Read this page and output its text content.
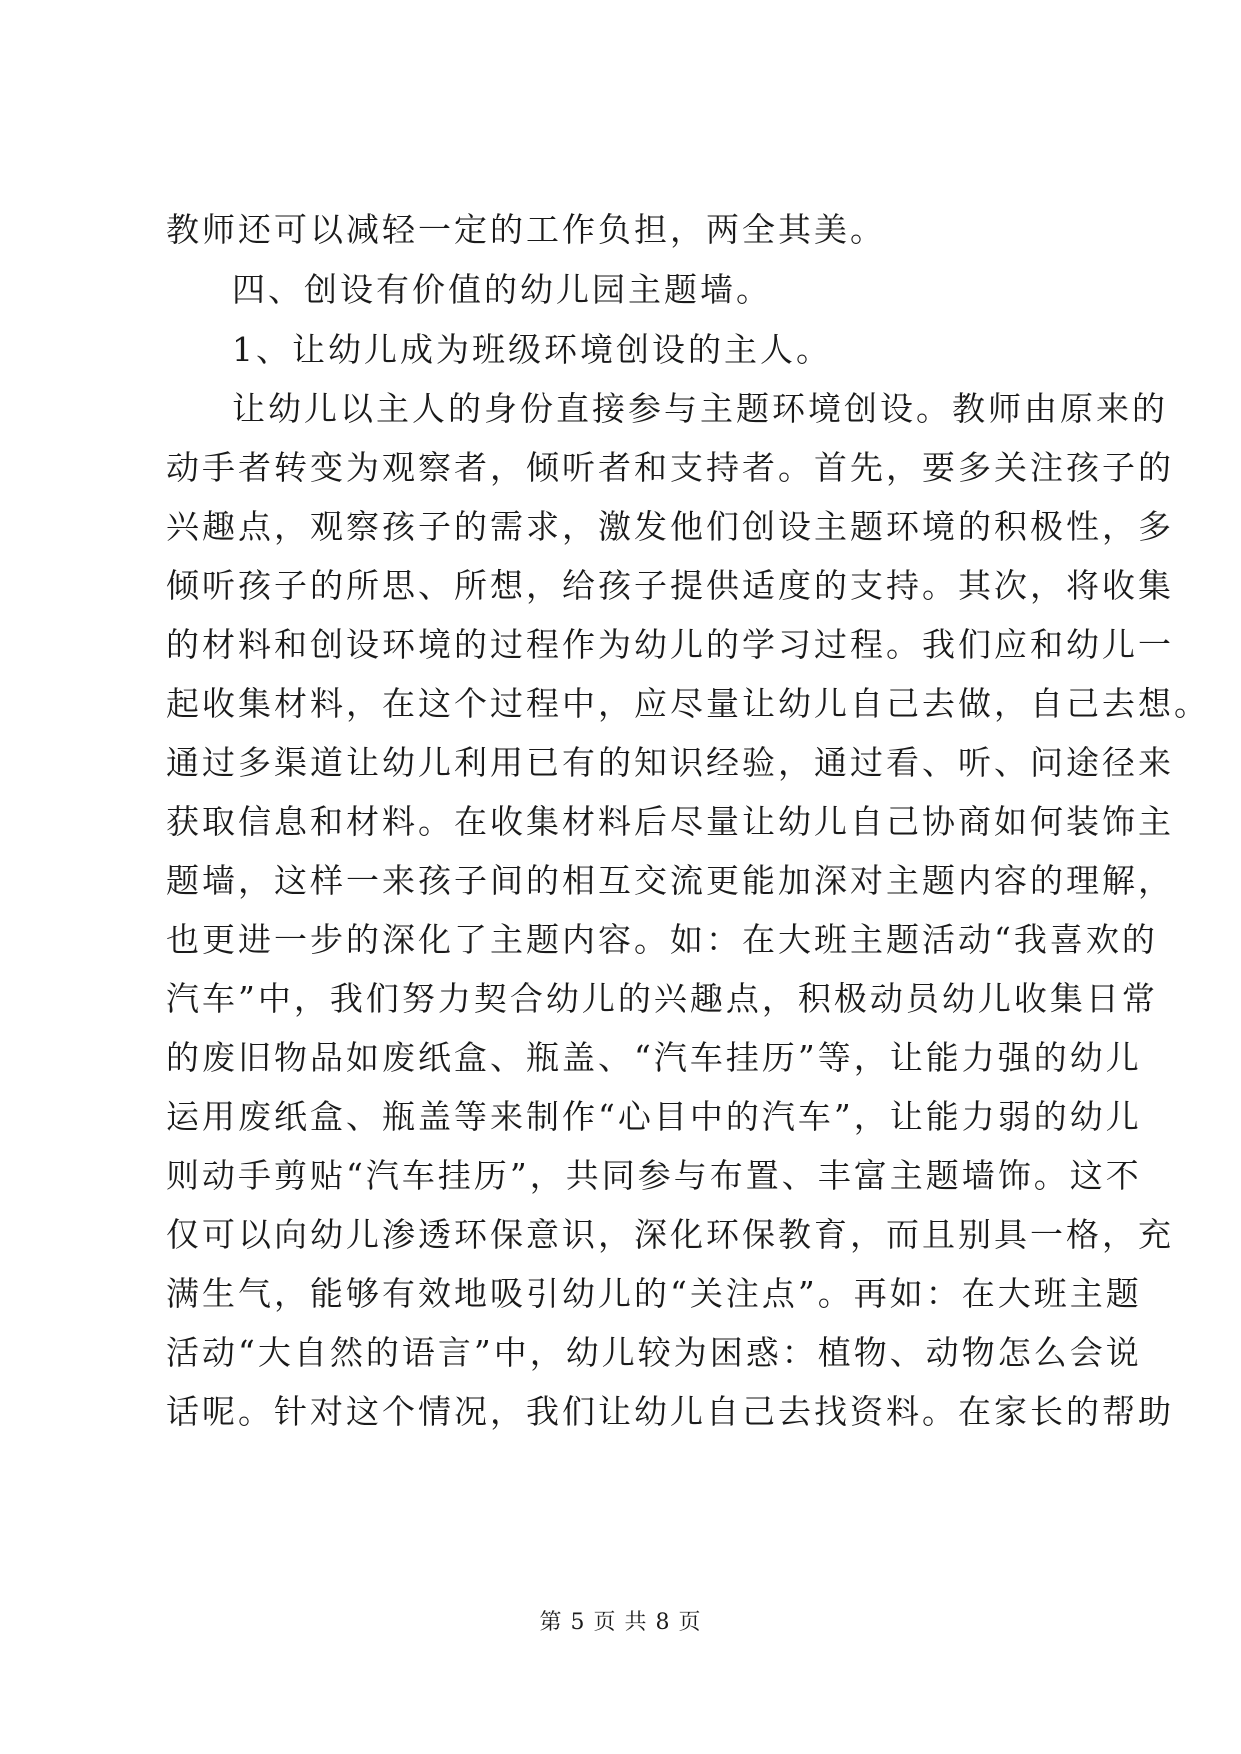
教师还可以减轻一定的工作负担，两全其美。
四、创设有价值的幼儿园主题墙。
1、让幼儿成为班级环境创设的主人。
让幼儿以主人的身份直接参与主题环境创设。教师由原来的
动手者转变为观察者，倾听者和支持者。首先，要多关注孩子的
兴趣点，观察孩子的需求，激发他们创设主题环境的积极性，多
倾听孩子的所思、所想，给孩子提供适度的支持。其次，将收集
的材料和创设环境的过程作为幼儿的学习过程。我们应和幼儿一
起收集材料，在这个过程中，应尽量让幼儿自己去做，自己去想。
通过多渠道让幼儿利用已有的知识经验，通过看、听、问途径来
获取信息和材料。在收集材料后尽量让幼儿自己协商如何装饰主
题墙，这样一来孩子间的相互交流更能加深对主题内容的理解，
也更进一步的深化了主题内容。如：在大班主题活动“我喜欢的
汽车”中，我们努力契合幼儿的兴趣点，积极动员幼儿收集日常
的废旧物品如废纸盒、瓶盖、“汽车挂历”等，让能力强的幼儿
运用废纸盒、瓶盖等来制作“心目中的汽车”，让能力弱的幼儿
则动手剪贴“汽车挂历”，共同参与布置、丰富主题墙饰。这不
仅可以向幼儿渗透环保意识，深化环保教育，而且别具一格，充
满生气，能够有效地吸引幼儿的“关注点”。再如：在大班主题
活动“大自然的语言”中，幼儿较为困惑：植物、动物怎么会说
话呢。针对这个情况，我们让幼儿自己去找资料。在家长的帮助
第 5 页 共 8 页
